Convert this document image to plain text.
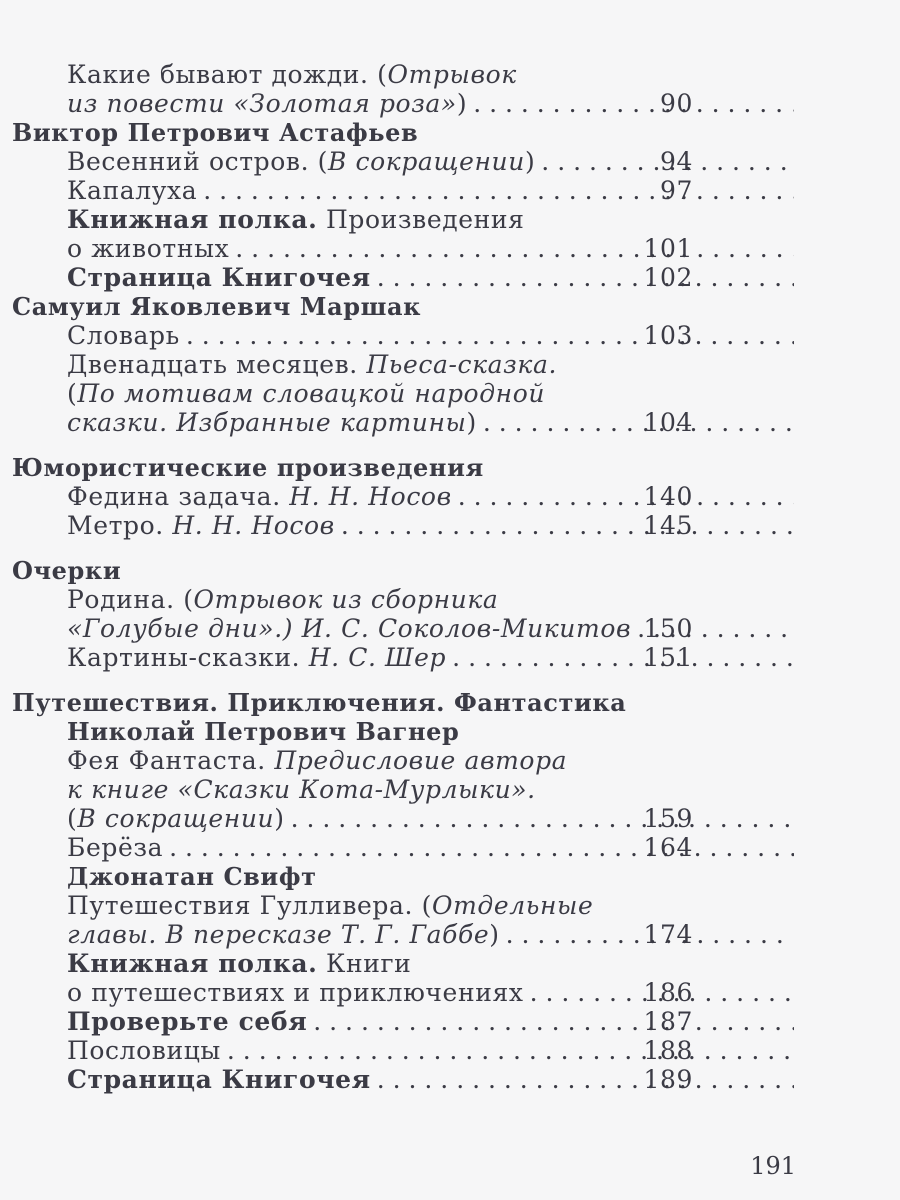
Какие бывают дожди. (Отрывок
из повести «Золотая роза») . . .	90
Виктор Петрович Астафьев
Весенний остров. (В сокращении) . . .	94
Капалуха . . .	97
Книжная полка. Произведения
о животных . . .	101
Страница Книгочея . . .	102
Самуил Яковлевич Маршак
Словарь . . .	103
Двенадцать месяцев. Пьеса-сказка.
(По мотивам словацкой народной
сказки. Избранные картины) . . .	104
Юмористические произведения
Федина задача. Н. Н. Носов . . .	140
Метро. Н. Н. Носов . . .	145
Очерки
Родина. (Отрывок из сборника
«Голубые дни».) И. С. Соколов-Микитов . . . 150
Картины-сказки. Н. С. Шер . . .	151
Путешествия. Приключения. Фантастика
Николай Петрович Вагнер
Фея Фантаста. Предисловие автора
к книге «Сказки Кота-Мурлыки».
(В сокращении) . . .	159
Берёза . . .	164
Джонатан Свифт
Путешествия Гулливера. (Отдельные
главы. В пересказе Т. Г. Габбе) . . .	174
Книжная полка. Книги
о путешествиях и приключениях . . .	186
Проверьте себя . . .	187
Пословицы . . .	188
Страница Книгочея . . .	189
191
